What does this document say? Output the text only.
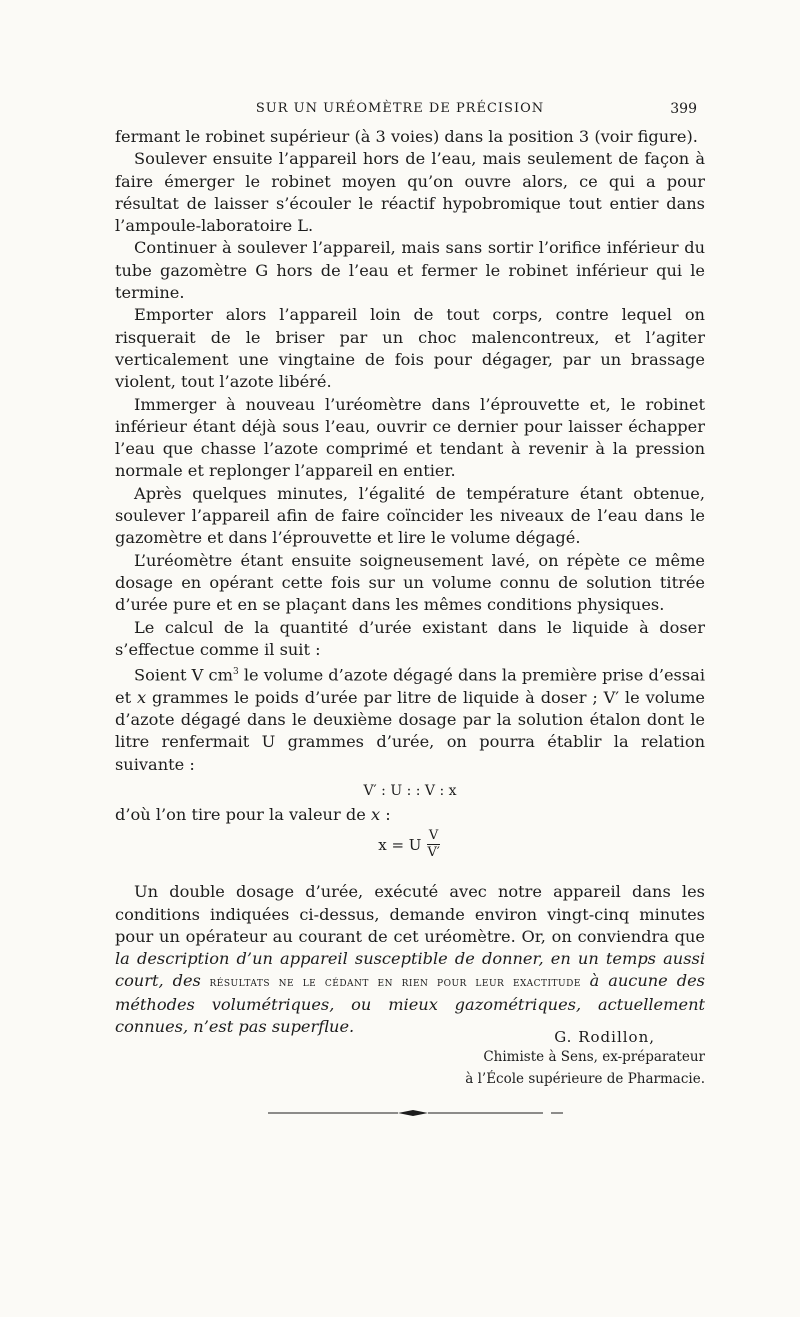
SUR UN URÉOMÈTRE DE PRÉCISION	399

fermant le robinet supérieur (à 3 voies) dans la position 3 (voir figure).

Soulever ensuite l’appareil hors de l’eau, mais seulement de façon à faire émerger le robinet moyen qu’on ouvre alors, ce qui a pour résultat de laisser s’écouler le réactif hypobromique tout entier dans l’ampoule-laboratoire L.

Continuer à soulever l’appareil, mais sans sortir l’orifice inférieur du tube gazomètre G hors de l’eau et fermer le robinet inférieur qui le termine.

Emporter alors l’appareil loin de tout corps, contre lequel on risquerait de le briser par un choc malencontreux, et l’agiter verticalement une vingtaine de fois pour dégager, par un brassage violent, tout l’azote libéré.

Immerger à nouveau l’uréomètre dans l’éprouvette et, le robinet inférieur étant déjà sous l’eau, ouvrir ce dernier pour laisser échapper l’eau que chasse l’azote comprimé et tendant à revenir à la pression normale et replonger l’appareil en entier.

Après quelques minutes, l’égalité de température étant obtenue, soulever l’appareil afin de faire coïncider les niveaux de l’eau dans le gazomètre et dans l’éprouvette et lire le volume dégagé.

L’uréomètre étant ensuite soigneusement lavé, on répète ce même dosage en opérant cette fois sur un volume connu de solution titrée d’urée pure et en se plaçant dans les mêmes conditions physiques.

Le calcul de la quantité d’urée existant dans le liquide à doser s’effectue comme il suit :

Soient V $cm^3$ le volume d’azote dégagé dans la première prise d’essai et x grammes le poids d’urée par litre de liquide à doser ; V′ le volume d’azote dégagé dans le deuxième dosage par la solution étalon dont le litre renfermait U grammes d’urée, on pourra établir la relation suivante :

V′ : U : : V : x

d’où l’on tire pour la valeur de x :

x = U $\frac{V}{V'}$

Un double dosage d’urée, exécuté avec notre appareil dans les conditions indiquées ci-dessus, demande environ vingt-cinq minutes pour un opérateur au courant de cet uréomètre. Or, on conviendra que la description d’un appareil susceptible de donner, en un temps aussi court, des résultats ne le cédant en rien pour leur exactitude à aucune des méthodes volumétriques, ou mieux gazométriques, actuellement connues, n’est pas superflue.

G. Rodillon,
Chimiste à Sens, ex-préparateur
à l’École supérieure de Pharmacie.
